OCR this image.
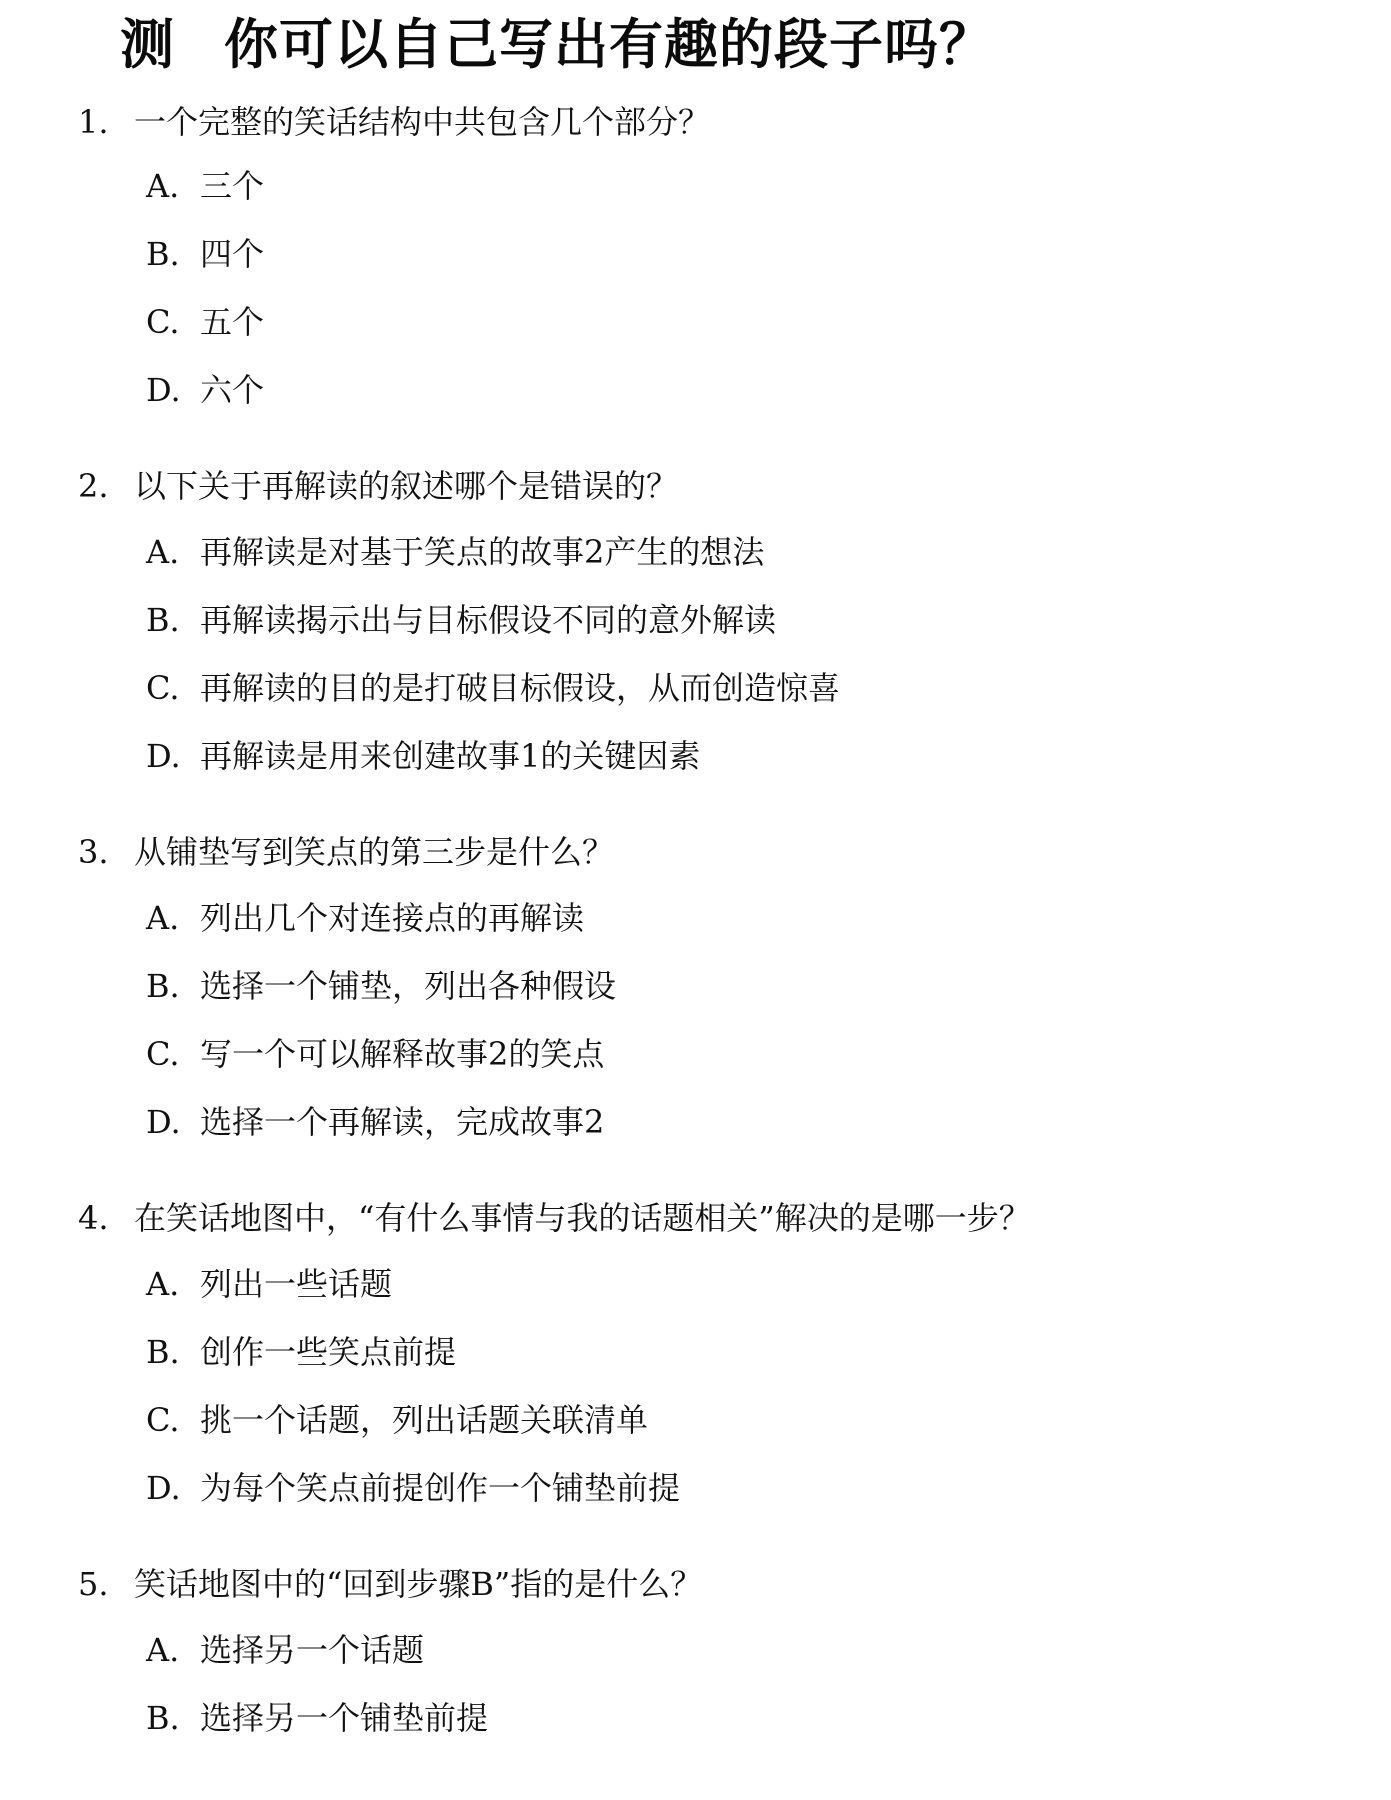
测 你可以自己写出有趣的段子吗？
1. 一个完整的笑话结构中共包含几个部分？
A. 三个
B. 四个
C. 五个
D. 六个
2. 以下关于再解读的叙述哪个是错误的？
A. 再解读是对基于笑点的故事2产生的想法
B. 再解读揭示出与目标假设不同的意外解读
C. 再解读的目的是打破目标假设，从而创造惊喜
D. 再解读是用来创建故事1的关键因素
3. 从铺垫写到笑点的第三步是什么？
A. 列出几个对连接点的再解读
B. 选择一个铺垫，列出各种假设
C. 写一个可以解释故事2的笑点
D. 选择一个再解读，完成故事2
4. 在笑话地图中，“有什么事情与我的话题相关”解决的是哪一步？
A. 列出一些话题
B. 创作一些笑点前提
C. 挑一个话题，列出话题关联清单
D. 为每个笑点前提创作一个铺垫前提
5. 笑话地图中的“回到步骤B”指的是什么？
A. 选择另一个话题
B. 选择另一个铺垫前提
